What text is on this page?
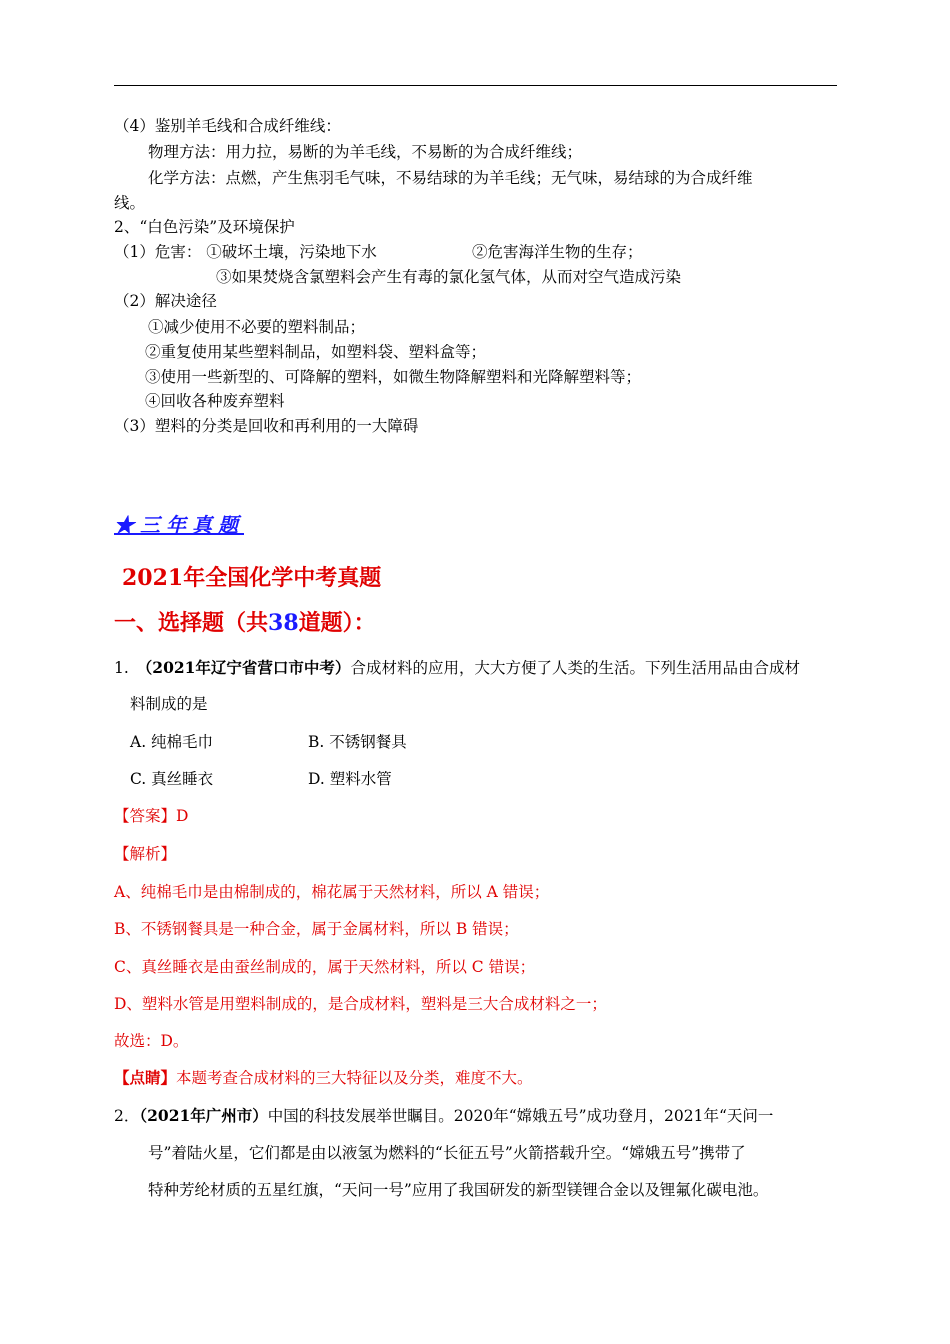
（4）鉴别羊毛线和合成纤维线：
物理方法：用力拉，易断的为羊毛线，不易断的为合成纤维线；
化学方法：点燃，产生焦羽毛气味，不易结球的为羊毛线；无气味，易结球的为合成纤维
线。
2、“白色污染”及环境保护
（1）危害： ①破坏土壤，污染地下水	②危害海洋生物的生存；
③如果焚烧含氯塑料会产生有毒的氯化氢气体，从而对空气造成污染
（2）解决途径
①减少使用不必要的塑料制品；
②重复使用某些塑料制品，如塑料袋、塑料盒等；
③使用一些新型的、可降解的塑料，如微生物降解塑料和光降解塑料等；
④回收各种废弃塑料
（3）塑料的分类是回收和再利用的一大障碍
★三年真题
2021年全国化学中考真题
一、选择题（共38道题）：
1. （2021年辽宁省营口市中考）合成材料的应用，大大方便了人类的生活。下列生活用品由合成材
料制成的是
A. 纯棉毛巾	B. 不锈钢餐具
C. 真丝睡衣	D. 塑料水管
【答案】D
【解析】
A、纯棉毛巾是由棉制成的，棉花属于天然材料，所以 A 错误；
B、不锈钢餐具是一种合金，属于金属材料，所以 B 错误；
C、真丝睡衣是由蚕丝制成的，属于天然材料，所以 C 错误；
D、塑料水管是用塑料制成的，是合成材料，塑料是三大合成材料之一；
故选：D。
【点睛】本题考查合成材料的三大特征以及分类，难度不大。
2．（2021年广州市）中国的科技发展举世瞩目。2020年“嫦娥五号”成功登月，2021年“天问一
号”着陆火星，它们都是由以液氢为燃料的“长征五号”火箭搭载升空。“嫦娥五号”携带了
特种芳纶材质的五星红旗，“天问一号”应用了我国研发的新型镁锂合金以及锂氟化碳电池。
